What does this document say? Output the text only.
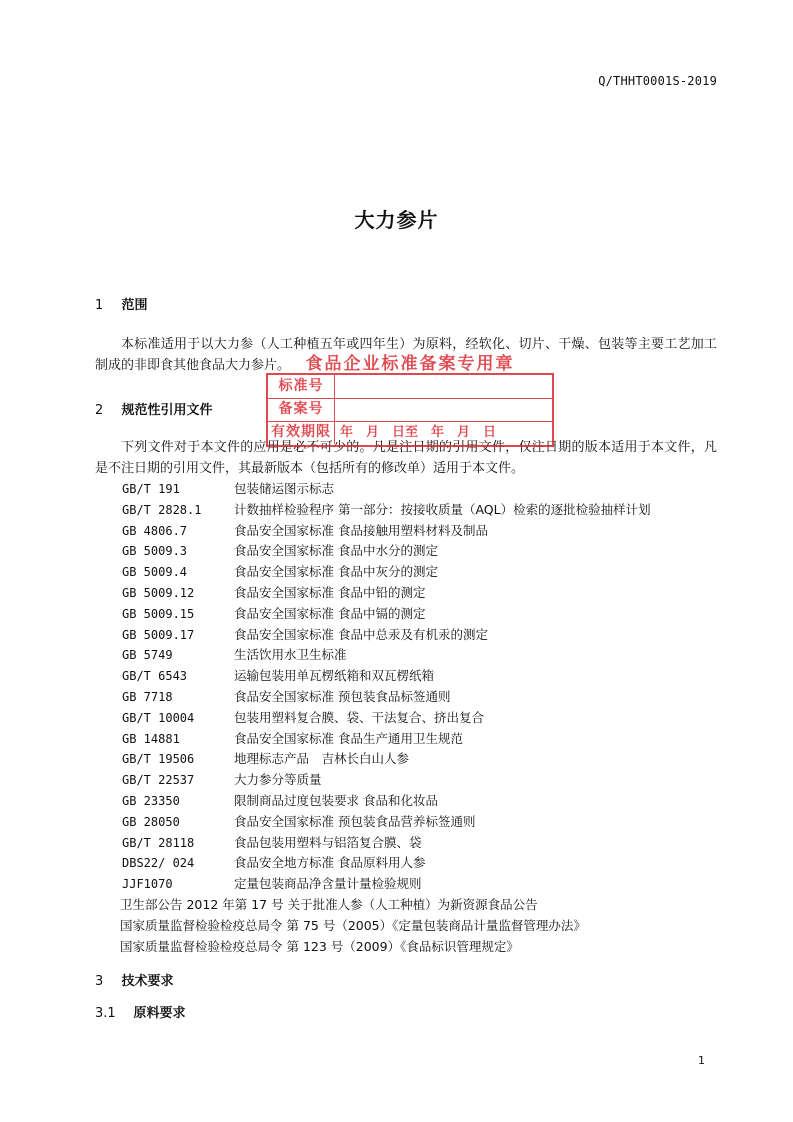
Q/THHT0001S-2019
大力参片
1 范围
本标准适用于以大力参（人工种植五年或四年生）为原料，经软化、切片、干燥、包装等主要工艺加工制成的非即食其他食品大力参片。
2 规范性引用文件
下列文件对于本文件的应用是必不可少的。凡是注日期的引用文件，仅注日期的版本适用于本文件，凡是不注日期的引用文件，其最新版本（包括所有的修改单）适用于本文件。
GB/T 191	包装储运图示标志
GB/T 2828.1	计数抽样检验程序 第一部分：按接收质量（AQL）检索的逐批检验抽样计划
GB 4806.7	食品安全国家标准 食品接触用塑料材料及制品
GB 5009.3	食品安全国家标准 食品中水分的测定
GB 5009.4	食品安全国家标准 食品中灰分的测定
GB 5009.12	食品安全国家标准 食品中铅的测定
GB 5009.15	食品安全国家标准 食品中镉的测定
GB 5009.17	食品安全国家标准 食品中总汞及有机汞的测定
GB 5749	生活饮用水卫生标准
GB/T 6543	运输包装用单瓦楞纸箱和双瓦楞纸箱
GB 7718	食品安全国家标准 预包装食品标签通则
GB/T 10004	包装用塑料复合膜、袋、干法复合、挤出复合
GB 14881	食品安全国家标准 食品生产通用卫生规范
GB/T 19506	地理标志产品　吉林长白山人参
GB/T 22537	大力参分等质量
GB 23350	限制商品过度包装要求 食品和化妆品
GB 28050	食品安全国家标准 预包装食品营养标签通则
GB/T 28118	食品包装用塑料与铝箔复合膜、袋
DBS22/ 024	食品安全地方标准 食品原料用人参
JJF1070	定量包装商品净含量计量检验规则
卫生部公告 2012 年第 17 号 关于批准人参（人工种植）为新资源食品公告
国家质量监督检验检疫总局令 第 75 号（2005）《定量包装商品计量监督管理办法》
国家质量监督检验检疫总局令 第 123 号（2009）《食品标识管理规定》
3 技术要求
3.1 原料要求
食品企业标准备案专用章
标准号
备案号
有效期限 年　月　日至　年　月　日
1
